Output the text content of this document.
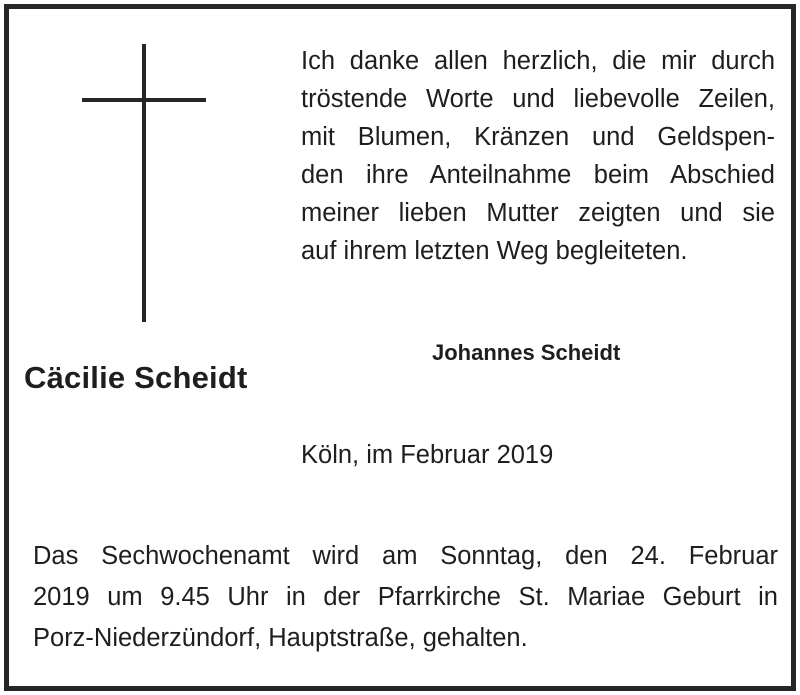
Cäcilie Scheidt
Ich danke allen herzlich, die mir durch
tröstende Worte und liebevolle Zeilen,
mit Blumen, Kränzen und Geldspen-
den ihre Anteilnahme beim Abschied
meiner lieben Mutter zeigten und sie
auf ihrem letzten Weg begleiteten.
Johannes Scheidt
Köln, im Februar 2019
Das Sechwochenamt wird am Sonntag, den 24. Februar
2019 um 9.45 Uhr in der Pfarrkirche St. Mariae Geburt in
Porz-Niederzündorf, Hauptstraße, gehalten.
